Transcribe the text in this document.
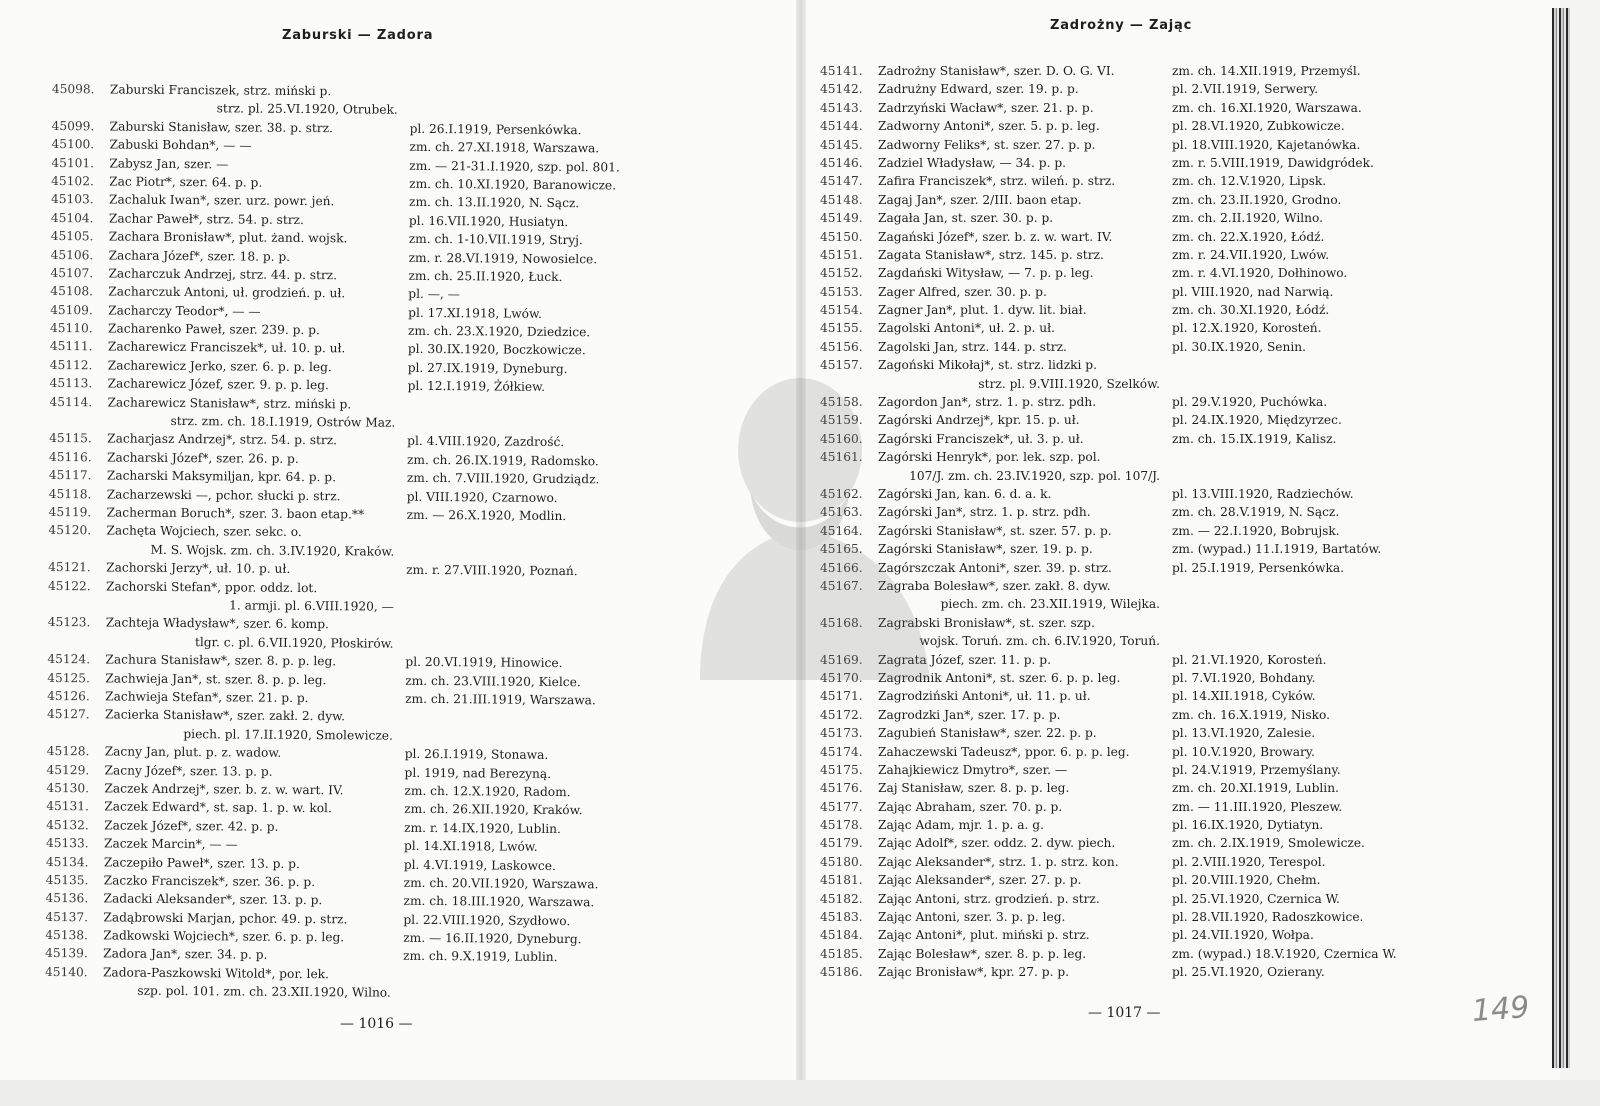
Zaburski — Zadora
45098.	Zaburski Franciszek, strz. miński p.
strz. pl. 25.VI.1920, Otrubek.
45099.	Zaburski Stanisław, szer. 38. p. strz.	pl. 26.I.1919, Persenkówka.
45100.	Zabuski Bohdan*, — —	zm. ch. 27.XI.1918, Warszawa.
45101.	Zabysz Jan, szer. —	zm. — 21-31.I.1920, szp. pol. 801.
45102.	Zac Piotr*, szer. 64. p. p.	zm. ch. 10.XI.1920, Baranowicze.
45103.	Zachaluk Iwan*, szer. urz. powr. jeń.	zm. ch. 13.II.1920, N. Sącz.
45104.	Zachar Paweł*, strz. 54. p. strz.	pl. 16.VII.1920, Husiatyn.
45105.	Zachara Bronisław*, plut. żand. wojsk.	zm. ch. 1-10.VII.1919, Stryj.
45106.	Zachara Józef*, szer. 18. p. p.	zm. r. 28.VI.1919, Nowosielce.
45107.	Zacharczuk Andrzej, strz. 44. p. strz.	zm. ch. 25.II.1920, Łuck.
45108.	Zacharczuk Antoni, uł. grodzień. p. uł.	pl. —, —
45109.	Zacharczy Teodor*, — —	pl. 17.XI.1918, Lwów.
45110.	Zacharenko Paweł, szer. 239. p. p.	zm. ch. 23.X.1920, Dziedzice.
45111.	Zacharewicz Franciszek*, uł. 10. p. uł.	pl. 30.IX.1920, Boczkowicze.
45112.	Zacharewicz Jerko, szer. 6. p. p. leg.	pl. 27.IX.1919, Dyneburg.
45113.	Zacharewicz Józef, szer. 9. p. p. leg.	pl. 12.I.1919, Żółkiew.
45114.	Zacharewicz Stanisław*, strz. miński p.
strz. zm. ch. 18.I.1919, Ostrów Maz.
45115.	Zacharjasz Andrzej*, strz. 54. p. strz.	pl. 4.VIII.1920, Zazdrość.
45116.	Zacharski Józef*, szer. 26. p. p.	zm. ch. 26.IX.1919, Radomsko.
45117.	Zacharski Maksymiljan, kpr. 64. p. p.	zm. ch. 7.VIII.1920, Grudziądz.
45118.	Zacharzewski —, pchor. słucki p. strz.	pl. VIII.1920, Czarnowo.
45119.	Zacherman Boruch*, szer. 3. baon etap.**	zm. — 26.X.1920, Modlin.
45120.	Zachęta Wojciech, szer. sekc. o.
M. S. Wojsk. zm. ch. 3.IV.1920, Kraków.
45121.	Zachorski Jerzy*, uł. 10. p. uł.	zm. r. 27.VIII.1920, Poznań.
45122.	Zachorski Stefan*, ppor. oddz. lot.
1. armji. pl. 6.VIII.1920, —
45123.	Zachteja Władysław*, szer. 6. komp.
tlgr. c. pl. 6.VII.1920, Płoskirów.
45124.	Zachura Stanisław*, szer. 8. p. p. leg.	pl. 20.VI.1919, Hinowice.
45125.	Zachwieja Jan*, st. szer. 8. p. p. leg.	zm. ch. 23.VIII.1920, Kielce.
45126.	Zachwieja Stefan*, szer. 21. p. p.	zm. ch. 21.III.1919, Warszawa.
45127.	Zacierka Stanisław*, szer. zakł. 2. dyw.
piech. pl. 17.II.1920, Smolewicze.
45128.	Zacny Jan, plut. p. z. wadow.	pl. 26.I.1919, Stonawa.
45129.	Zacny Józef*, szer. 13. p. p.	pl. 1919, nad Berezyną.
45130.	Zaczek Andrzej*, szer. b. z. w. wart. IV.	zm. ch. 12.X.1920, Radom.
45131.	Zaczek Edward*, st. sap. 1. p. w. kol.	zm. ch. 26.XII.1920, Kraków.
45132.	Zaczek Józef*, szer. 42. p. p.	zm. r. 14.IX.1920, Lublin.
45133.	Zaczek Marcin*, — —	pl. 14.XI.1918, Lwów.
45134.	Zaczepiło Paweł*, szer. 13. p. p.	pl. 4.VI.1919, Laskowce.
45135.	Zaczko Franciszek*, szer. 36. p. p.	zm. ch. 20.VII.1920, Warszawa.
45136.	Zadacki Aleksander*, szer. 13. p. p.	zm. ch. 18.III.1920, Warszawa.
45137.	Zadąbrowski Marjan, pchor. 49. p. strz.	pl. 22.VIII.1920, Szydłowo.
45138.	Zadkowski Wojciech*, szer. 6. p. p. leg.	zm. — 16.II.1920, Dyneburg.
45139.	Zadora Jan*, szer. 34. p. p.	zm. ch. 9.X.1919, Lublin.
45140.	Zadora-Paszkowski Witold*, por. lek.
szp. pol. 101. zm. ch. 23.XII.1920, Wilno.
— 1016 —
Zadrożny — Zając
45141.	Zadrożny Stanisław*, szer. D. O. G. VI.	zm. ch. 14.XII.1919, Przemyśl.
45142.	Zadrużny Edward, szer. 19. p. p.	pl. 2.VII.1919, Serwery.
45143.	Zadrzyński Wacław*, szer. 21. p. p.	zm. ch. 16.XI.1920, Warszawa.
45144.	Zadworny Antoni*, szer. 5. p. p. leg.	pl. 28.VI.1920, Zubkowicze.
45145.	Zadworny Feliks*, st. szer. 27. p. p.	pl. 18.VIII.1920, Kajetanówka.
45146.	Zadziel Władysław, — 34. p. p.	zm. r. 5.VIII.1919, Dawidgródek.
45147.	Zafira Franciszek*, strz. wileń. p. strz.	zm. ch. 12.V.1920, Lipsk.
45148.	Zagaj Jan*, szer. 2/III. baon etap.	zm. ch. 23.II.1920, Grodno.
45149.	Zagała Jan, st. szer. 30. p. p.	zm. ch. 2.II.1920, Wilno.
45150.	Zagański Józef*, szer. b. z. w. wart. IV.	zm. ch. 22.X.1920, Łódź.
45151.	Zagata Stanisław*, strz. 145. p. strz.	zm. r. 24.VII.1920, Lwów.
45152.	Zagdański Witysław, — 7. p. p. leg.	zm. r. 4.VI.1920, Dołhinowo.
45153.	Zager Alfred, szer. 30. p. p.	pl. VIII.1920, nad Narwią.
45154.	Zagner Jan*, plut. 1. dyw. lit. biał.	zm. ch. 30.XI.1920, Łódź.
45155.	Zagolski Antoni*, uł. 2. p. uł.	pl. 12.X.1920, Korosteń.
45156.	Zagolski Jan, strz. 144. p. strz.	pl. 30.IX.1920, Senin.
45157.	Zagoński Mikołaj*, st. strz. lidzki p.
strz. pl. 9.VIII.1920, Szelków.
45158.	Zagordon Jan*, strz. 1. p. strz. pdh.	pl. 29.V.1920, Puchówka.
45159.	Zagórski Andrzej*, kpr. 15. p. uł.	pl. 24.IX.1920, Międzyrzec.
45160.	Zagórski Franciszek*, uł. 3. p. uł.	zm. ch. 15.IX.1919, Kalisz.
45161.	Zagórski Henryk*, por. lek. szp. pol.
107/J. zm. ch. 23.IV.1920, szp. pol. 107/J.
45162.	Zagórski Jan, kan. 6. d. a. k.	pl. 13.VIII.1920, Radziechów.
45163.	Zagórski Jan*, strz. 1. p. strz. pdh.	zm. ch. 28.V.1919, N. Sącz.
45164.	Zagórski Stanisław*, st. szer. 57. p. p.	zm. — 22.I.1920, Bobrujsk.
45165.	Zagórski Stanisław*, szer. 19. p. p.	zm. (wypad.) 11.I.1919, Bartatów.
45166.	Zagórszczak Antoni*, szer. 39. p. strz.	pl. 25.I.1919, Persenkówka.
45167.	Zagraba Bolesław*, szer. zakł. 8. dyw.
piech. zm. ch. 23.XII.1919, Wilejka.
45168.	Zagrabski Bronisław*, st. szer. szp.
wojsk. Toruń. zm. ch. 6.IV.1920, Toruń.
45169.	Zagrata Józef, szer. 11. p. p.	pl. 21.VI.1920, Korosteń.
45170.	Zagrodnik Antoni*, st. szer. 6. p. p. leg.	pl. 7.VI.1920, Bohdany.
45171.	Zagrodziński Antoni*, uł. 11. p. uł.	pl. 14.XII.1918, Cyków.
45172.	Zagrodzki Jan*, szer. 17. p. p.	zm. ch. 16.X.1919, Nisko.
45173.	Zagubień Stanisław*, szer. 22. p. p.	pl. 13.VI.1920, Zalesie.
45174.	Zahaczewski Tadeusz*, ppor. 6. p. p. leg.	pl. 10.V.1920, Browary.
45175.	Zahajkiewicz Dmytro*, szer. —	pl. 24.V.1919, Przemyślany.
45176.	Zaj Stanisław, szer. 8. p. p. leg.	zm. ch. 20.XI.1919, Lublin.
45177.	Zając Abraham, szer. 70. p. p.	zm. — 11.III.1920, Pleszew.
45178.	Zając Adam, mjr. 1. p. a. g.	pl. 16.IX.1920, Dytiatyn.
45179.	Zając Adolf*, szer. oddz. 2. dyw. piech.	zm. ch. 2.IX.1919, Smolewicze.
45180.	Zając Aleksander*, strz. 1. p. strz. kon.	pl. 2.VIII.1920, Terespol.
45181.	Zając Aleksander*, szer. 27. p. p.	pl. 20.VIII.1920, Chełm.
45182.	Zając Antoni, strz. grodzień. p. strz.	pl. 25.VI.1920, Czernica W.
45183.	Zając Antoni, szer. 3. p. p. leg.	pl. 28.VII.1920, Radoszkowice.
45184.	Zając Antoni*, plut. miński p. strz.	pl. 24.VII.1920, Wołpa.
45185.	Zając Bolesław*, szer. 8. p. p. leg.	zm. (wypad.) 18.V.1920, Czernica W.
45186.	Zając Bronisław*, kpr. 27. p. p.	pl. 25.VI.1920, Ozierany.
— 1017 —	149
